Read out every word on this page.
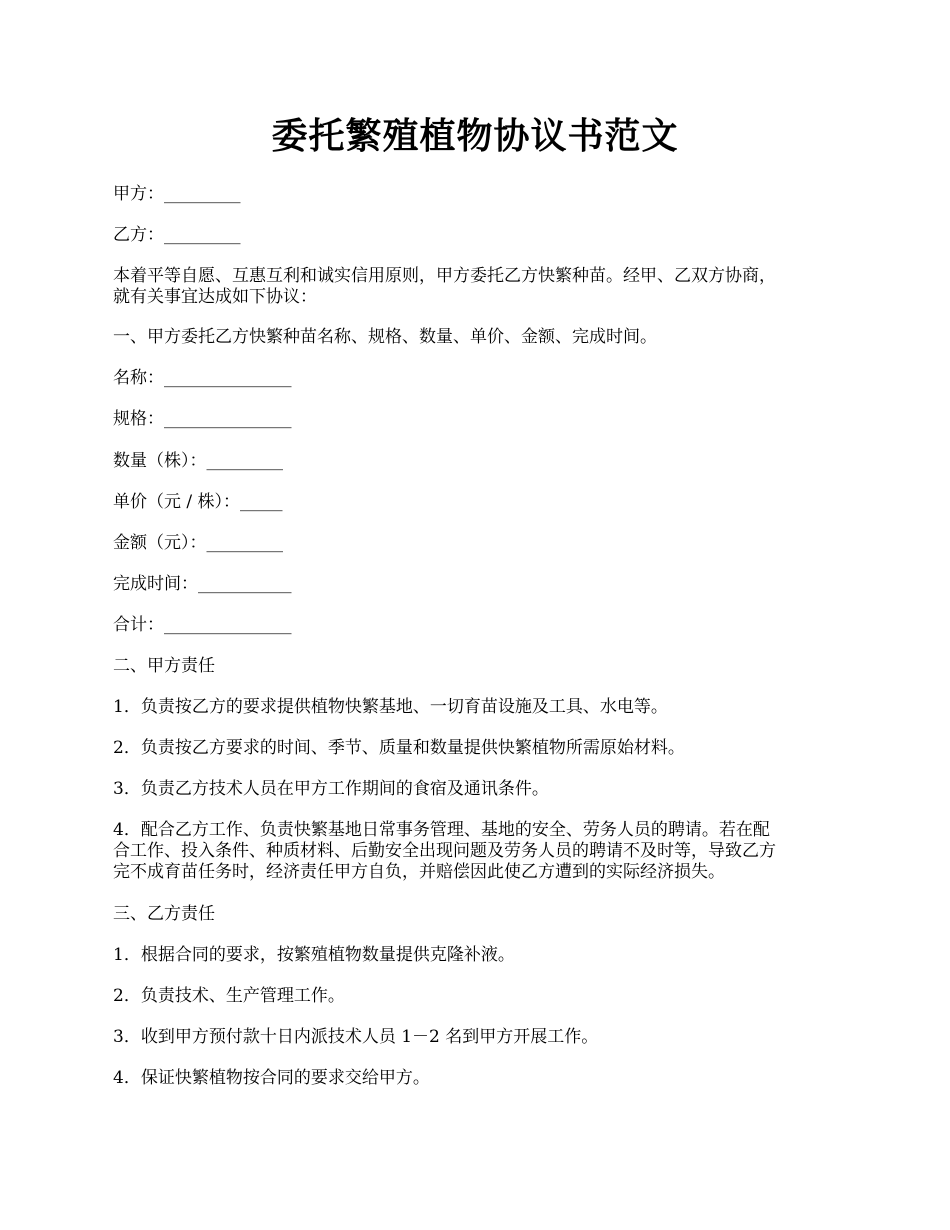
委托繁殖植物协议书范文
甲方：_________
乙方：_________
本着平等自愿、互惠互利和诚实信用原则，甲方委托乙方快繁种苗。经甲、乙双方协商，
就有关事宜达成如下协议：
一、甲方委托乙方快繁种苗名称、规格、数量、单价、金额、完成时间。
名称：_______________
规格：_______________
数量（株）：_________
单价（元 / 株）：_____
金额（元）：_________
完成时间：___________
合计：_______________
二、甲方责任
1．负责按乙方的要求提供植物快繁基地、一切育苗设施及工具、水电等。
2．负责按乙方要求的时间、季节、质量和数量提供快繁植物所需原始材料。
3．负责乙方技术人员在甲方工作期间的食宿及通讯条件。
4．配合乙方工作、负责快繁基地日常事务管理、基地的安全、劳务人员的聘请。若在配
合工作、投入条件、种质材料、后勤安全出现问题及劳务人员的聘请不及时等，导致乙方
完不成育苗任务时，经济责任甲方自负，并赔偿因此使乙方遭到的实际经济损失。
三、乙方责任
1．根据合同的要求，按繁殖植物数量提供克隆补液。
2．负责技术、生产管理工作。
3．收到甲方预付款十日内派技术人员 1－2 名到甲方开展工作。
4．保证快繁植物按合同的要求交给甲方。
